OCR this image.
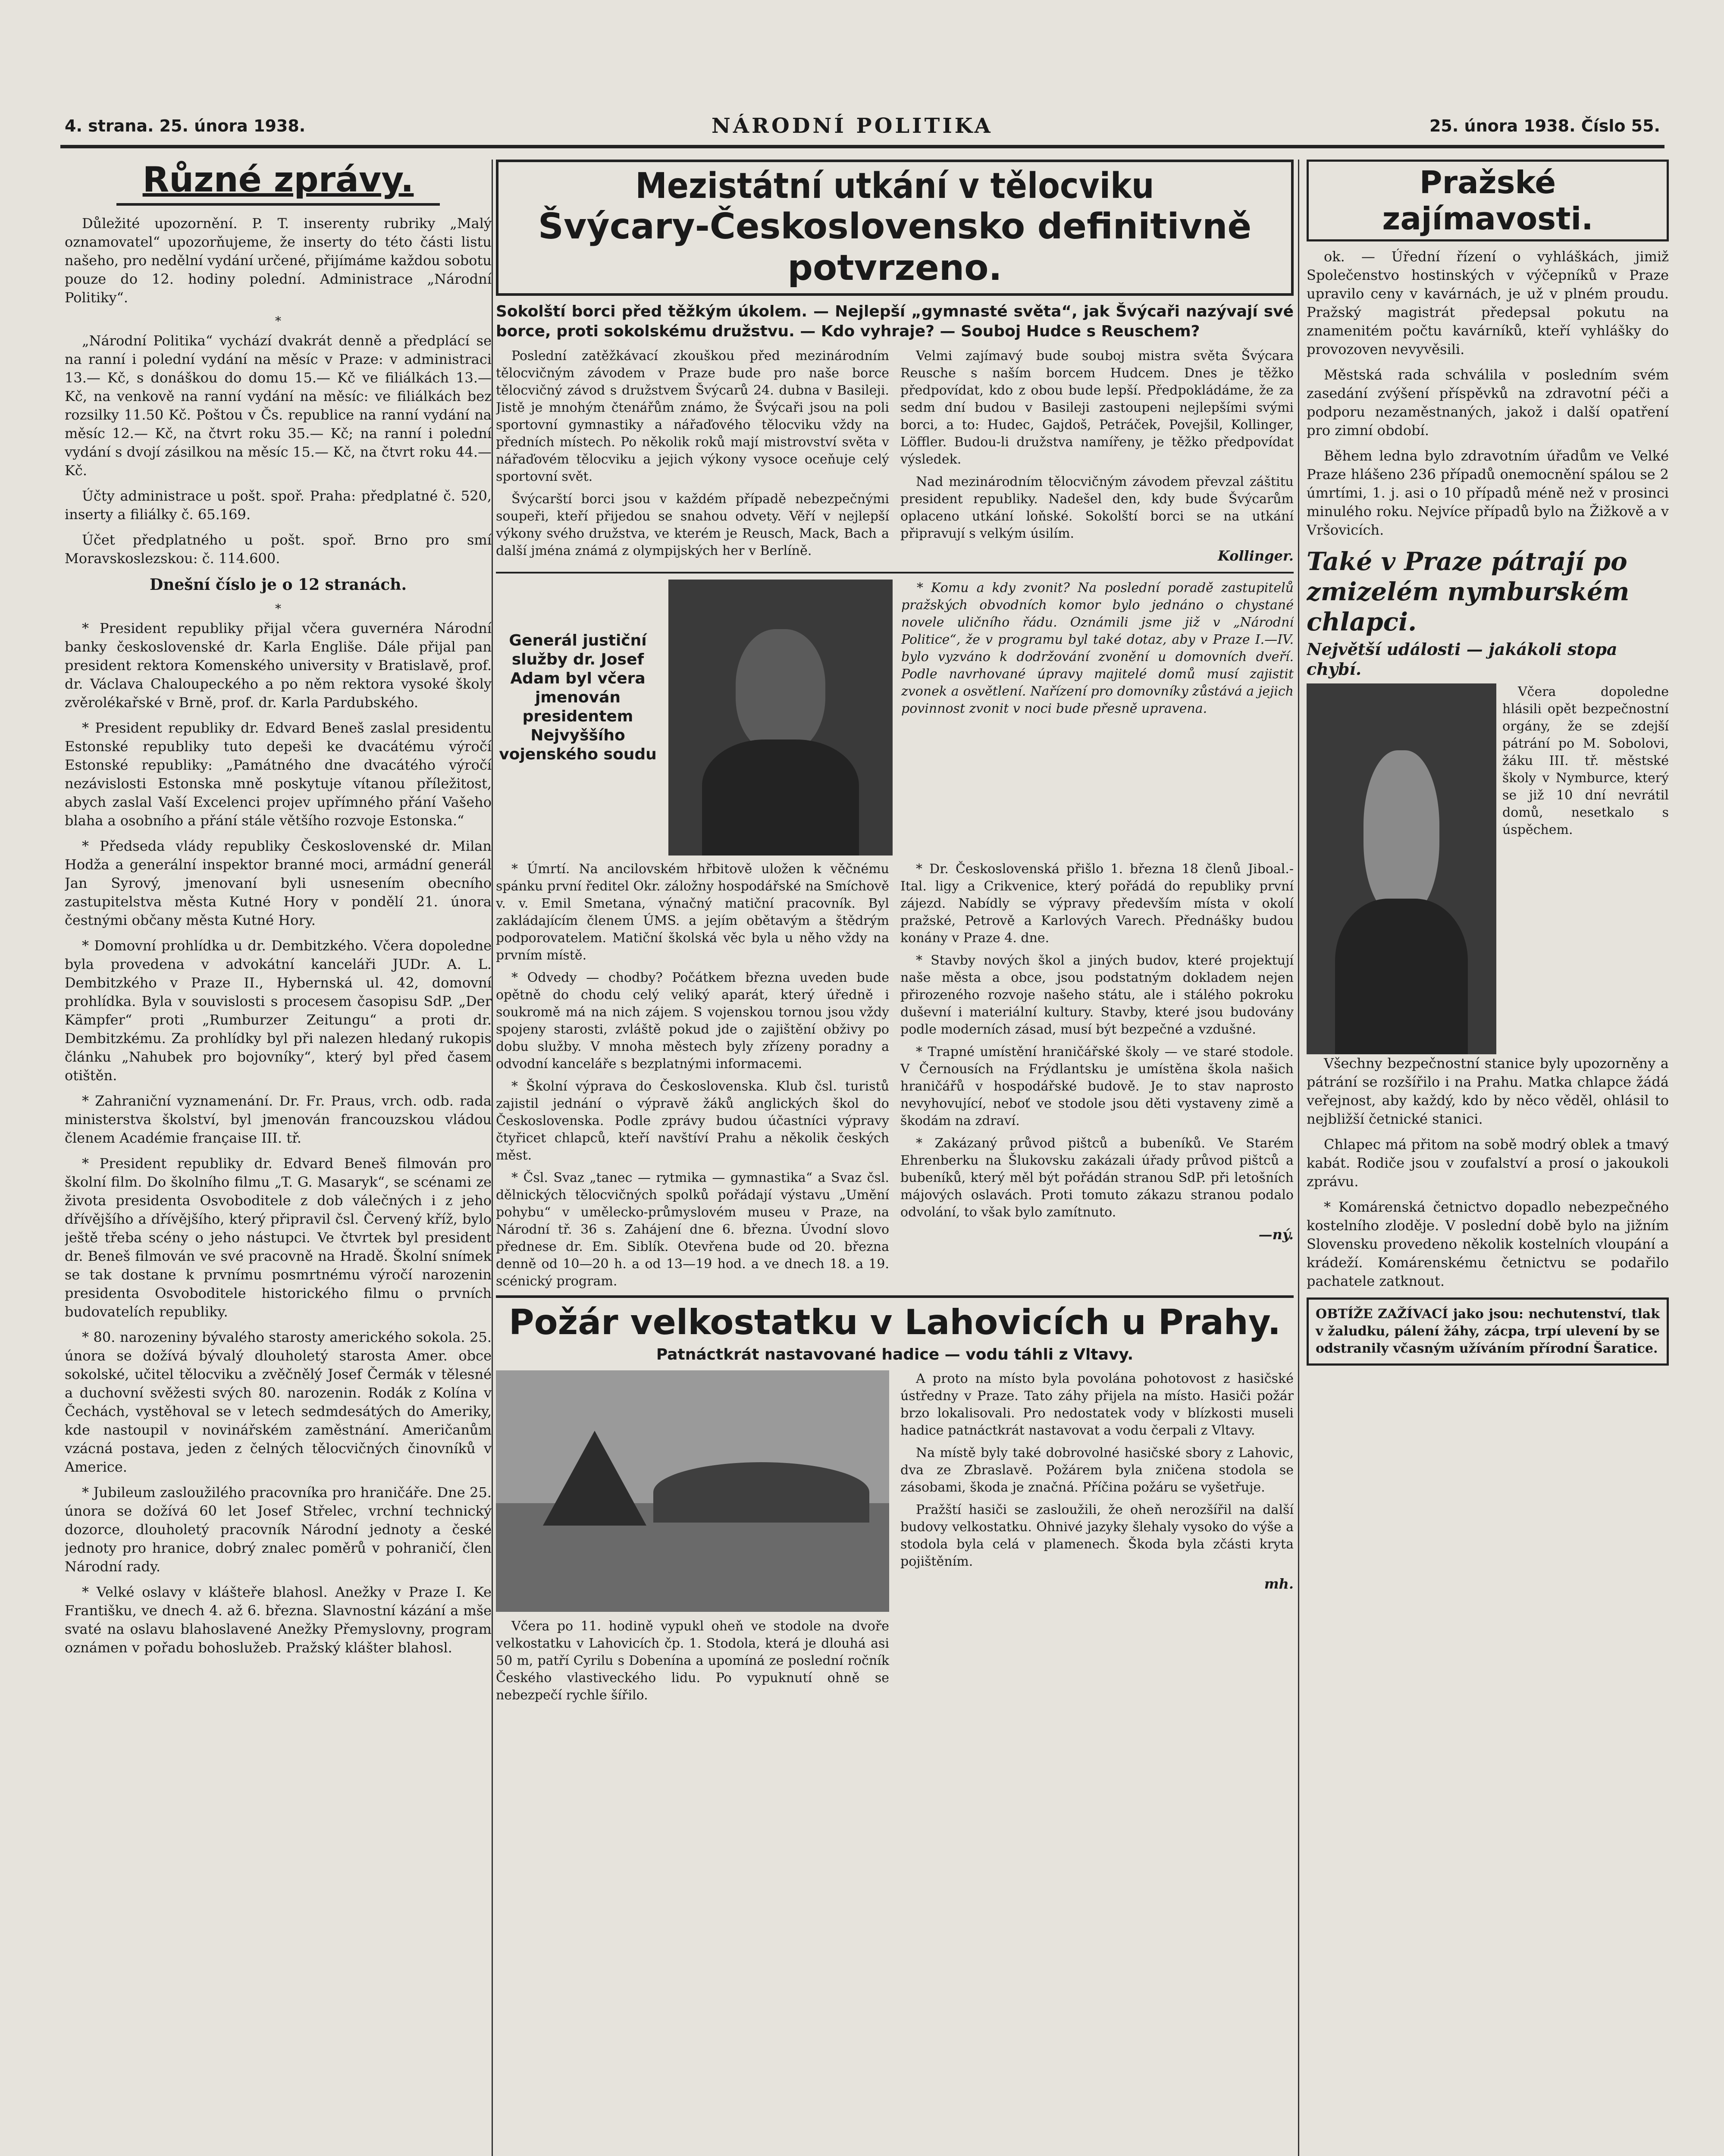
4. strana. 25. února 1938.	NÁRODNÍ POLITIKA	25. února 1938. Číslo 55.
Různé zprávy.

Důležité upozornění. P. T. inserenty rubriky „Malý oznamovatel“ upozorňujeme, že inserty do této části listu našeho, pro nedělní vydání určené, přijímáme každou sobotu pouze do 12. hodiny polední. Administrace „Národní Politiky“.

*

„Národní Politika“ vychází dvakrát denně a předplácí se na ranní i polední vydání na měsíc v Praze: v administraci 13.— Kč, s donáškou do domu 15.— Kč ve filiálkách 13.— Kč, na venkově na ranní vydání na měsíc: ve filiálkách bez rozsilky 11.50 Kč. Poštou v Čs. republice na ranní vydání na měsíc 12.— Kč, na čtvrt roku 35.— Kč; na ranní i polední vydání s dvojí zásilkou na měsíc 15.— Kč, na čtvrt roku 44.— Kč.

Účty administrace u pošt. spoř. Praha: předplatné č. 520, inserty a filiálky č. 65.169.

Účet předplatného u pošt. spoř. Brno pro smí Moravskoslezskou: č. 114.600.

Dnešní číslo je o 12 stranách.
*

* President republiky přijal včera guvernéra Národní banky československé dr. Karla Engliše. Dále přijal pan president rektora Komenského university v Bratislavě, prof. dr. Václava Chaloupeckého a po něm rektora vysoké školy zvěrolékařské v Brně, prof. dr. Karla Pardubského.

* President republiky dr. Edvard Beneš zaslal presidentu Estonské republiky tuto depeši ke dvacátému výročí Estonské republiky: „Památného dne dvacátého výročí nezávislosti Estonska mně poskytuje vítanou příležitost, abych zaslal Vaší Excelenci projev upřímného přání Vašeho blaha a osobního a přání stále většího rozvoje Estonska.“

* Předseda vlády republiky Československé dr. Milan Hodža a generální inspektor branné moci, armádní generál Jan Syrový, jmenovaní byli usnesením obecního zastupitelstva města Kutné Hory v pondělí 21. února čestnými občany města Kutné Hory.

* Domovní prohlídka u dr. Dembitzkého. Včera dopoledne byla provedena v advokátní kanceláři JUDr. A. L. Dembitzkého v Praze II., Hybernská ul. 42, domovní prohlídka. Byla v souvislosti s procesem časopisu SdP. „Der Kämpfer“ proti „Rumburzer Zeitungu“ a proti dr. Dembitzkému. Za prohlídky byl při nalezen hledaný rukopis článku „Nahubek pro bojovníky“, který byl před časem otištěn.

* Zahraniční vyznamenání. Dr. Fr. Praus, vrch. odb. rada ministerstva školství, byl jmenován francouzskou vládou členem Académie française III. tř.

* President republiky dr. Edvard Beneš filmován pro školní film. Do školního filmu „T. G. Masaryk“, se scénami ze života presidenta Osvoboditele z dob válečných i z jeho dřívějšího a dřívějšího, který připravil čsl. Červený kříž, bylo ještě třeba scény o jeho nástupci. Ve čtvrtek byl president dr. Beneš filmován ve své pracovně na Hradě. Školní snímek se tak dostane k prvnímu posmrtnému výročí narozenin presidenta Osvoboditele historického filmu o prvních budovatelích republiky.

* 80. narozeniny bývalého starosty amerického sokola. 25. února se dožívá bývalý dlouholetý starosta Amer. obce sokolské, učitel tělocviku a zvěčnělý Josef Čermák v tělesné a duchovní svěžesti svých 80. narozenin. Rodák z Kolína v Čechách, vystěhoval se v letech sedmdesátých do Ameriky, kde nastoupil v novinářském zaměstnání. Američanům vzácná postava, jeden z čelných tělocvičných činovníků v Americe.

* Jubileum zasloužilého pracovníka pro hraničáře. Dne 25. února se dožívá 60 let Josef Střelec, vrchní technický dozorce, dlouholetý pracovník Národní jednoty a české jednoty pro hranice, dobrý znalec poměrů v pohraničí, člen Národní rady.

* Velké oslavy v klášteře blahosl. Anežky v Praze I. Ke Františku, ve dnech 4. až 6. března. Slavnostní kázání a mše svaté na oslavu blahoslavené Anežky Přemyslovny, program oznámen v pořadu bohoslužeb. Pražský klášter blahosl.

Mezistátní utkání v tělocviku
Švýcary-Československo definitivně potvrzeno.
Sokolští borci před těžkým úkolem. — Nejlepší „gymnasté světa“, jak Švýcaři nazývají své borce, proti sokolskému družstvu. — Kdo vyhraje? — Souboj Hudce s Reuschem?

Poslední zatěžkávací zkouškou před mezinárodním tělocvičným závodem v Praze bude pro naše borce tělocvičný závod s družstvem Švýcarů 24. dubna v Basileji. Jistě je mnohým čtenářům známo, že Švýcaři jsou na poli sportovní gymnastiky a nářaďového tělocviku vždy na předních místech. Po několik roků mají mistrovství světa v nářaďovém tělocviku a jejich výkony vysoce oceňuje celý sportovní svět.

Švýcarští borci jsou v každém případě nebezpečnými soupeři, kteří přijedou se snahou odvety. Věří v nejlepší výkony svého družstva, ve kterém je Reusch, Mack, Bach a další jména známá z olympijských her v Berlíně.

Velmi zajímavý bude souboj mistra světa Švýcara Reusche s naším borcem Hudcem. Dnes je těžko předpovídat, kdo z obou bude lepší. Předpokládáme, že za sedm dní budou v Basileji zastoupeni nejlepšími svými borci, a to: Hudec, Gajdoš, Petráček, Povejšil, Kollinger, Löffler. Budou-li družstva namířeny, je těžko předpovídat výsledek.

Nad mezinárodním tělocvičným závodem převzal záštitu president republiky. Nadešel den, kdy bude Švýcarům oplaceno utkání loňské. Sokolští borci se na utkání připravují s velkým úsilím.

Kollinger.
Generál justiční služby dr. Josef Adam byl včera jmenován presidentem Nejvyššího vojenského soudu

* Komu a kdy zvonit? Na poslední poradě zastupitelů pražských obvodních komor bylo jednáno o chystané novele uličního řádu. Oznámili jsme již v „Národní Politice“, že v programu byl také dotaz, aby v Praze I.—IV. bylo vyzváno k dodržování zvonění u domovních dveří. Podle navrhované úpravy majitelé domů musí zajistit zvonek a osvětlení. Nařízení pro domovníky zůstává a jejich povinnost zvonit v noci bude přesně upravena.

* Úmrtí. Na ancilovském hřbitově uložen k věčnému spánku první ředitel Okr. záložny hospodářské na Smíchově v. v. Emil Smetana, výnačný matiční pracovník. Byl zakládajícím členem ÚMS. a jejím obětavým a štědrým podporovatelem. Matiční školská věc byla u něho vždy na prvním místě.

* Odvedy — chodby? Počátkem března uveden bude opětně do chodu celý veliký aparát, který úředně i soukromě má na nich zájem. S vojenskou tornou jsou vždy spojeny starosti, zvláště pokud jde o zajištění obživy po dobu služby. V mnoha městech byly zřízeny poradny a odvodní kanceláře s bezplatnými informacemi.

* Školní výprava do Československa. Klub čsl. turistů zajistil jednání o výpravě žáků anglických škol do Československa. Podle zprávy budou účastníci výpravy čtyřicet chlapců, kteří navštíví Prahu a několik českých měst.

* Čsl. Svaz „tanec — rytmika — gymnastika“ a Svaz čsl. dělnických tělocvičných spolků pořádají výstavu „Umění pohybu“ v umělecko-průmyslovém museu v Praze, na Národní tř. 36 s. Zahájení dne 6. března. Úvodní slovo přednese dr. Em. Siblík. Otevřena bude od 20. března denně od 10—20 h. a od 13—19 hod. a ve dnech 18. a 19. scénický program.

* Dr. Československá přišlo 1. března 18 členů Jiboal.-Ital. ligy a Crikvenice, který pořádá do republiky první zájezd. Nabídly se výpravy především místa v okolí pražské, Petrově a Karlových Varech. Přednášky budou konány v Praze 4. dne.

* Stavby nových škol a jiných budov, které projektují naše města a obce, jsou podstatným dokladem nejen přirozeného rozvoje našeho státu, ale i stálého pokroku duševní i materiální kultury. Stavby, které jsou budovány podle moderních zásad, musí být bezpečné a vzdušné.

* Trapné umístění hraničářské školy — ve staré stodole. V Černousích na Frýdlantsku je umístěna škola našich hraničářů v hospodářské budově. Je to stav naprosto nevyhovující, neboť ve stodole jsou děti vystaveny zimě a škodám na zdraví.

* Zakázaný průvod pištců a bubeníků. Ve Starém Ehrenberku na Šlukovsku zakázali úřady průvod pištců a bubeníků, který měl být pořádán stranou SdP. při letošních májových oslavách. Proti tomuto zákazu stranou podalo odvolání, to však bylo zamítnuto.

—ný.
Požár velkostatku v Lahovicích u Prahy.
Patnáctkrát nastavované hadice — vodu táhli z Vltavy.

Včera po 11. hodině vypukl oheň ve stodole na dvoře velkostatku v Lahovicích čp. 1. Stodola, která je dlouhá asi 50 m, patří Cyrilu s Dobenína a upomíná ze poslední ročník Českého vlastiveckého lidu. Po vypuknutí ohně se nebezpečí rychle šířilo.

A proto na místo byla povolána pohotovost z hasičské ústředny v Praze. Tato záhy přijela na místo. Hasiči požár brzo lokalisovali. Pro nedostatek vody v blízkosti museli hadice patnáctkrát nastavovat a vodu čerpali z Vltavy.

Na místě byly také dobrovolné hasičské sbory z Lahovic, dva ze Zbraslavě. Požárem byla zničena stodola se zásobami, škoda je značná. Příčina požáru se vyšetřuje.

Pražští hasiči se zasloužili, že oheň nerozšířil na další budovy velkostatku. Ohnivé jazyky šlehaly vysoko do výše a stodola byla celá v plamenech. Škoda byla zčásti kryta pojištěním.

mh.
Pražské zajímavosti.

ok. — Úřední řízení o vyhláškách, jimiž Společenstvo hostinských v výčepníků v Praze upravilo ceny v kavárnách, je už v plném proudu. Pražský magistrát předepsal pokutu na znamenitém počtu kavárníků, kteří vyhlášky do provozoven nevyvěsili.

Městská rada schválila v posledním svém zasedání zvýšení příspěvků na zdravotní péči a podporu nezaměstnaných, jakož i další opatření pro zimní období.

Během ledna bylo zdravotním úřadům ve Velké Praze hlášeno 236 případů onemocnění spálou se 2 úmrtími, 1. j. asi o 10 případů méně než v prosinci minulého roku. Nejvíce případů bylo na Žižkově a v Vršovicích.

Také v Praze pátrají po zmizelém nymburském chlapci.
Největší události — jakákoli stopa chybí.

Včera dopoledne hlásili opět bezpečnostní orgány, že se zdejší pátrání po M. Sobolovi, žáku III. tř. městské školy v Nymburce, který se již 10 dní nevrátil domů, nesetkalo s úspěchem.

Všechny bezpečnostní stanice byly upozorněny a pátrání se rozšířilo i na Prahu. Matka chlapce žádá veřejnost, aby každý, kdo by něco věděl, ohlásil to nejbližší četnické stanici.

Chlapec má přitom na sobě modrý oblek a tmavý kabát. Rodiče jsou v zoufalství a prosí o jakoukoli zprávu.

* Komárenská četnictvo dopadlo nebezpečného kostelního zloděje. V poslední době bylo na jižním Slovensku provedeno několik kostelních vloupání a krádeží. Komárenskému četnictvu se podařilo pachatele zatknout.

OBTÍŽE ZAŽÍVACÍ jako jsou: nechutenství, tlak v žaludku, pálení žáhy, zácpa, trpí ulevení by se odstranily včasným užíváním přírodní Šaratice.
